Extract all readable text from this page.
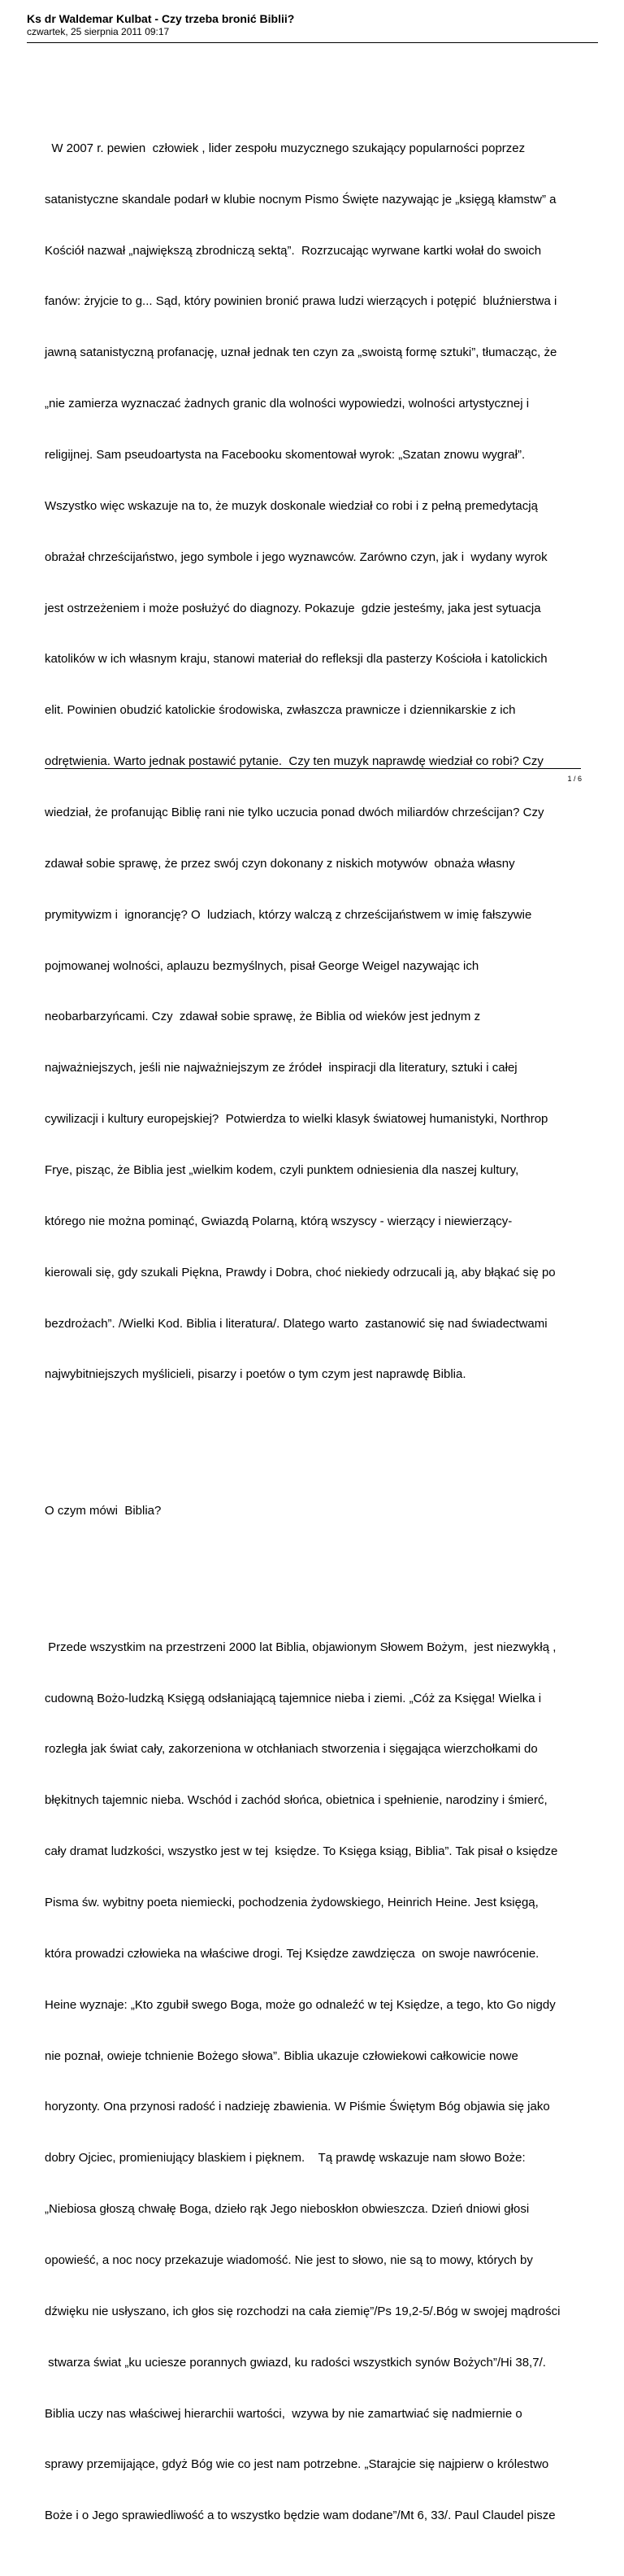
Ks dr Waldemar Kulbat - Czy trzeba bronić Biblii?

czwartek, 25 sierpnia 2011 09:17

W 2007 r. pewien  człowiek , lider zespołu muzycznego szukający popularności poprzez

satanistyczne skandale podarł w klubie nocnym Pismo Święte nazywając je „księgą kłamstw” a

Kościół nazwał „największą zbrodniczą sektą”.  Rozrzucając wyrwane kartki wołał do swoich

fanów: żryjcie to g... Sąd, który powinien bronić prawa ludzi wierzących i potępić  bluźnierstwa i

jawną satanistyczną profanację, uznał jednak ten czyn za „swoistą formę sztuki”, tłumacząc, że

„nie zamierza wyznaczać żadnych granic dla wolności wypowiedzi, wolności artystycznej i

religijnej. Sam pseudoartysta na Facebooku skomentował wyrok: „Szatan znowu wygrał”.

Wszystko więc wskazuje na to, że muzyk doskonale wiedział co robi i z pełną premedytacją

obrażał chrześcijaństwo, jego symbole i jego wyznawców. Zarówno czyn, jak i  wydany wyrok

jest ostrzeżeniem i może posłużyć do diagnozy. Pokazuje  gdzie jesteśmy, jaka jest sytuacja

katolików w ich własnym kraju, stanowi materiał do refleksji dla pasterzy Kościoła i katolickich

elit. Powinien obudzić katolickie środowiska, zwłaszcza prawnicze i dziennikarskie z ich

odrętwienia. Warto jednak postawić pytanie.  Czy ten muzyk naprawdę wiedział co robi? Czy

wiedział, że profanując Biblię rani nie tylko uczucia ponad dwóch miliardów chrześcijan? Czy

zdawał sobie sprawę, że przez swój czyn dokonany z niskich motywów  obnaża własny

prymitywizm i  ignorancję? O  ludziach, którzy walczą z chrześcijaństwem w imię fałszywie

pojmowanej wolności, aplauzu bezmyślnych, pisał George Weigel nazywając ich

neobarbarzyńcami. Czy  zdawał sobie sprawę, że Biblia od wieków jest jednym z

najważniejszych, jeśli nie najważniejszym ze źródeł  inspiracji dla literatury, sztuki i całej

cywilizacji i kultury europejskiej?  Potwierdza to wielki klasyk światowej humanistyki, Northrop

Frye, pisząc, że Biblia jest „wielkim kodem, czyli punktem odniesienia dla naszej kultury,

którego nie można pominąć, Gwiazdą Polarną, którą wszyscy - wierzący i niewierzący-

kierowali się, gdy szukali Piękna, Prawdy i Dobra, choć niekiedy odrzucali ją, aby błąkać się po

bezdrożach”. /Wielki Kod. Biblia i literatura/. Dlatego warto  zastanowić się nad świadectwami

najwybitniejszych myślicieli, pisarzy i poetów o tym czym jest naprawdę Biblia.

O czym mówi  Biblia?

Przede wszystkim na przestrzeni 2000 lat Biblia, objawionym Słowem Bożym,  jest niezwykłą ,

cudowną Bożo-ludzką Księgą odsłaniającą tajemnice nieba i ziemi. „Cóż za Księga! Wielka i

rozległa jak świat cały, zakorzeniona w otchłaniach stworzenia i sięgająca wierzchołkami do

błękitnych tajemnic nieba. Wschód i zachód słońca, obietnica i spełnienie, narodziny i śmierć,

cały dramat ludzkości, wszystko jest w tej  księdze. To Księga ksiąg, Biblia”. Tak pisał o księdze

Pisma św. wybitny poeta niemiecki, pochodzenia żydowskiego, Heinrich Heine. Jest księgą,

która prowadzi człowieka na właściwe drogi. Tej Księdze zawdzięcza  on swoje nawrócenie.

Heine wyznaje: „Kto zgubił swego Boga, może go odnaleźć w tej Księdze, a tego, kto Go nigdy

nie poznał, owieje tchnienie Bożego słowa”. Biblia ukazuje człowiekowi całkowicie nowe

horyzonty. Ona przynosi radość i nadzieję zbawienia. W Piśmie Świętym Bóg objawia się jako

dobry Ojciec, promieniujący blaskiem i pięknem.    Tą prawdę wskazuje nam słowo Boże:

„Niebiosa głoszą chwałę Boga, dzieło rąk Jego nieboskłon obwieszcza. Dzień dniowi głosi

opowieść, a noc nocy przekazuje wiadomość. Nie jest to słowo, nie są to mowy, których by

dźwięku nie usłyszano, ich głos się rozchodzi na cała ziemię”/Ps 19,2-5/.Bóg w swojej mądrości

stwarza świat „ku uciesze porannych gwiazd, ku radości wszystkich synów Bożych”/Hi 38,7/.

Biblia uczy nas właściwej hierarchii wartości,  wzywa by nie zamartwiać się nadmiernie o

sprawy przemijające, gdyż Bóg wie co jest nam potrzebne. „Starajcie się najpierw o królestwo

Boże i o Jego sprawiedliwość a to wszystko będzie wam dodane”/Mt 6, 33/. Paul Claudel pisze

1 / 6
